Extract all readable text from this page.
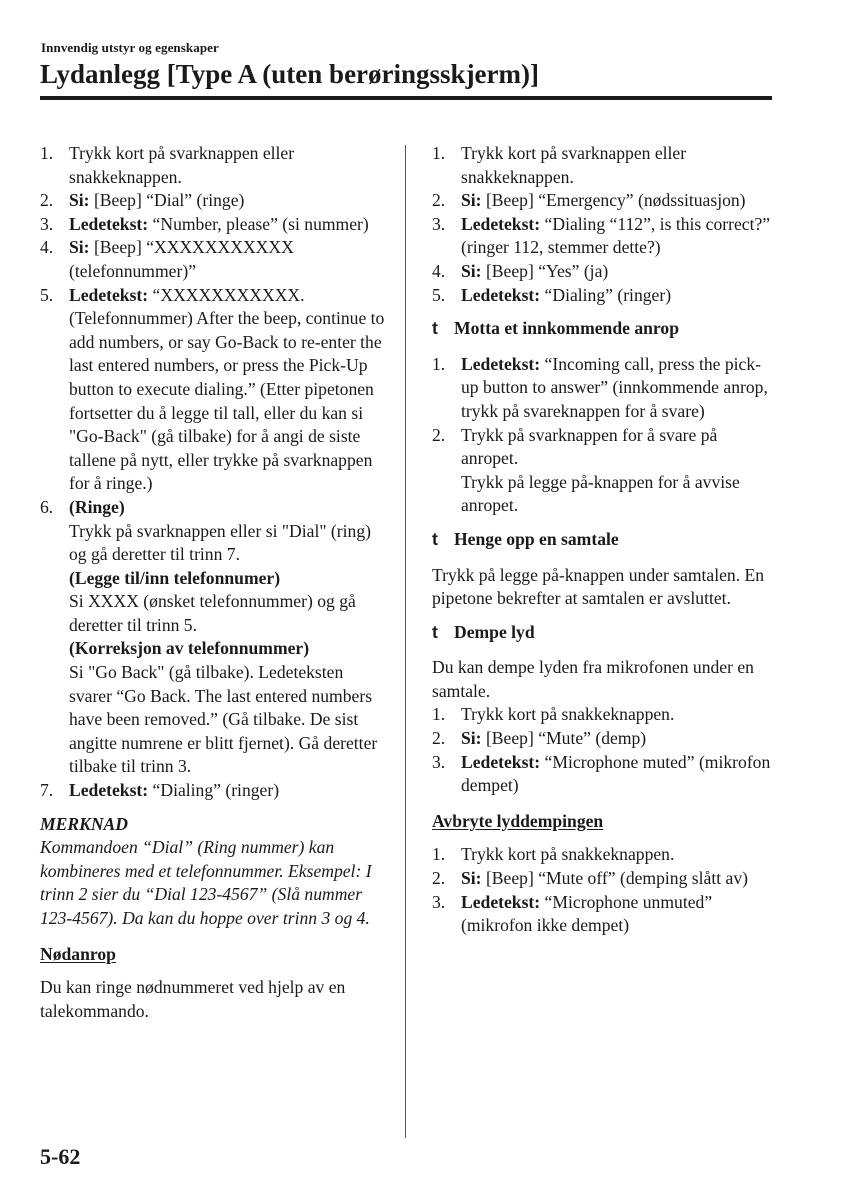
Innvendig utstyr og egenskaper
Lydanlegg [Type A (uten berøringsskjerm)]
1. Trykk kort på svarknappen eller snakkeknappen.
2. Si: [Beep] “Dial” (ringe)
3. Ledetekst: “Number, please” (si nummer)
4. Si: [Beep] “XXXXXXXXXXX (telefonnummer)”
5. Ledetekst: “XXXXXXXXXXX. (Telefonnummer) After the beep, continue to add numbers, or say Go-Back to re-enter the last entered numbers, or press the Pick-Up button to execute dialing.” (Etter pipetonen fortsetter du å legge til tall, eller du kan si "Go-Back" (gå tilbake) for å angi de siste tallene på nytt, eller trykke på svarknappen for å ringe.)
6. (Ringe)
Trykk på svarknappen eller si "Dial" (ring) og gå deretter til trinn 7.
(Legge til/inn telefonnumer)
Si XXXX (ønsket telefonnummer) og gå deretter til trinn 5.
(Korreksjon av telefonnummer)
Si "Go Back" (gå tilbake). Ledeteksten svarer “Go Back. The last entered numbers have been removed.” (Gå tilbake. De sist angitte numrene er blitt fjernet). Gå deretter tilbake til trinn 3.
7. Ledetekst: “Dialing” (ringer)
MERKNAD
Kommandoen “Dial” (Ring nummer) kan kombineres med et telefonnummer. Eksempel: I trinn 2 sier du “Dial 123-4567” (Slå nummer 123-4567). Da kan du hoppe over trinn 3 og 4.
Nødanrop

Du kan ringe nødnummeret ved hjelp av en talekommando.

1. Trykk kort på svarknappen eller snakkeknappen.
2. Si: [Beep] “Emergency” (nødssituasjon)
3. Ledetekst: “Dialing “112”, is this correct?” (ringer 112, stemmer dette?)
4. Si: [Beep] “Yes” (ja)
5. Ledetekst: “Dialing” (ringer)
t Motta et innkommende anrop
1. Ledetekst: “Incoming call, press the pick-up button to answer” (innkommende anrop, trykk på svareknappen for å svare)
2. Trykk på svarknappen for å svare på anropet.
Trykk på legge på-knappen for å avvise anropet.
t Henge opp en samtale

Trykk på legge på-knappen under samtalen. En pipetone bekrefter at samtalen er avsluttet.

t Dempe lyd

Du kan dempe lyden fra mikrofonen under en samtale.

1. Trykk kort på snakkeknappen.
2. Si: [Beep] “Mute” (demp)
3. Ledetekst: “Microphone muted” (mikrofon dempet)
Avbryte lyddempingen
1. Trykk kort på snakkeknappen.
2. Si: [Beep] “Mute off” (demping slått av)
3. Ledetekst: “Microphone unmuted” (mikrofon ikke dempet)
5-62
